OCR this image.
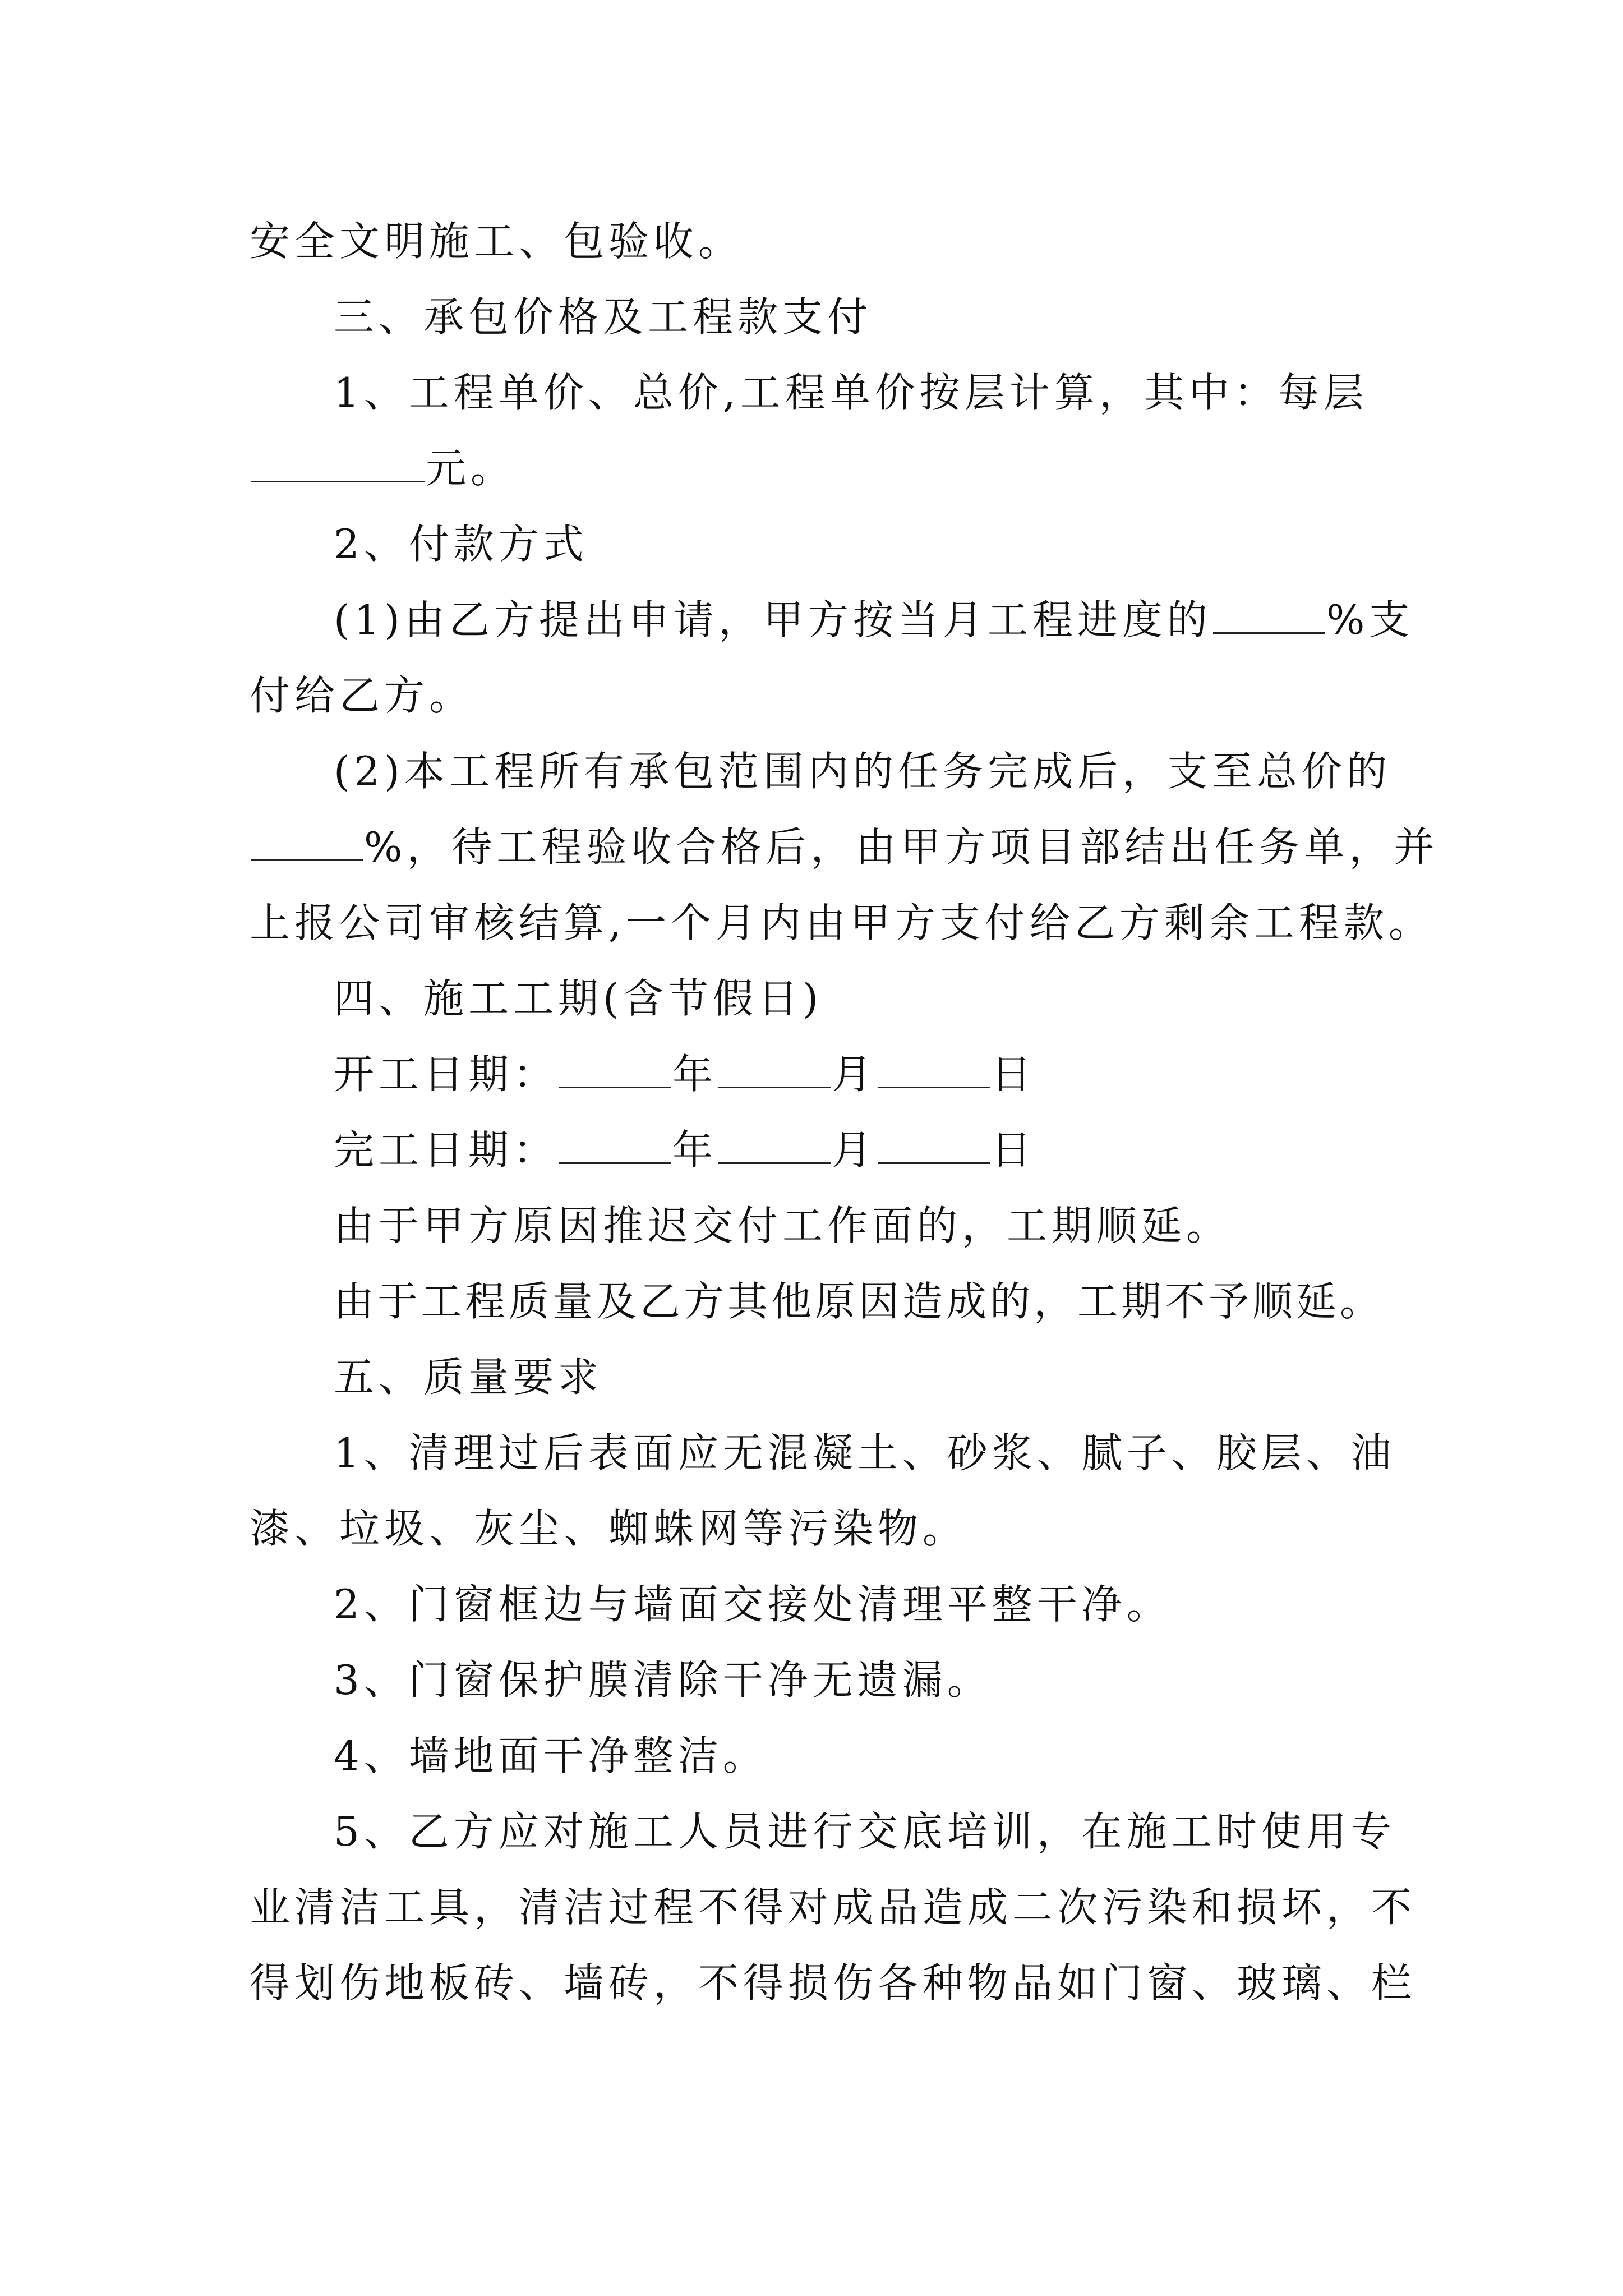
安全文明施工、包验收。
三、承包价格及工程款支付
1、工程单价、总价,工程单价按层计算，其中：每层
元。
2、付款方式
(1)由乙方提出申请，甲方按当月工程进度的	%支
付给乙方。
(2)本工程所有承包范围内的任务完成后，支至总价的
%，待工程验收合格后，由甲方项目部结出任务单，并
上报公司审核结算,一个月内由甲方支付给乙方剩余工程款。
四、施工工期(含节假日)
开工日期：	年	月	日
完工日期：	年	月	日
由于甲方原因推迟交付工作面的，工期顺延。
由于工程质量及乙方其他原因造成的，工期不予顺延。
五、质量要求
1、清理过后表面应无混凝土、砂浆、腻子、胶层、油
漆、垃圾、灰尘、蜘蛛网等污染物。
2、门窗框边与墙面交接处清理平整干净。
3、门窗保护膜清除干净无遗漏。
4、墙地面干净整洁。
5、乙方应对施工人员进行交底培训，在施工时使用专
业清洁工具，清洁过程不得对成品造成二次污染和损坏，不
得划伤地板砖、墙砖，不得损伤各种物品如门窗、玻璃、栏
